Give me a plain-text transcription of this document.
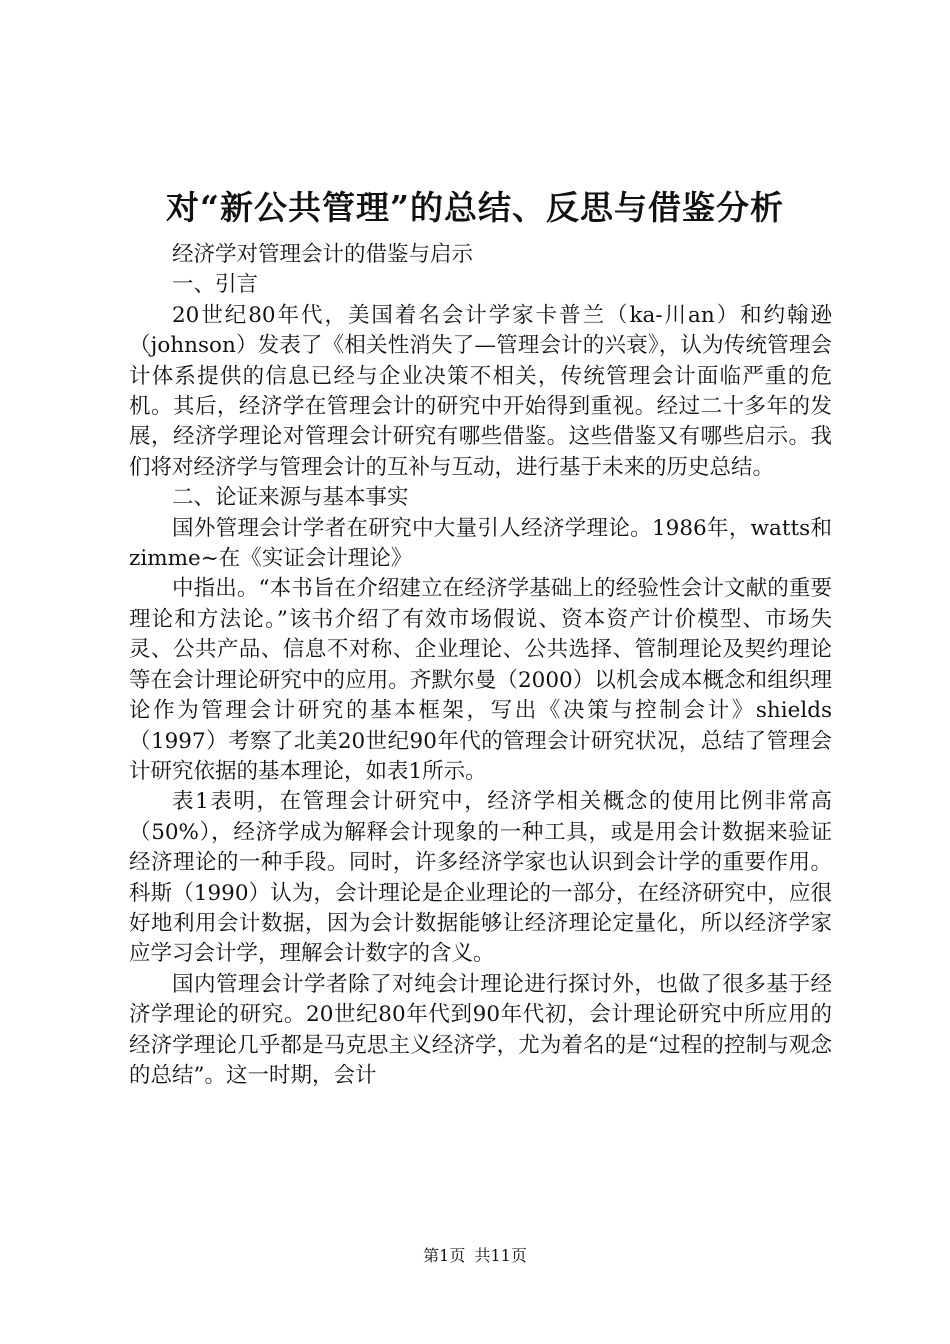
对“新公共管理”的总结、反思与借鉴分析

经济学对管理会计的借鉴与启示

一、引言

20世纪80年代，美国着名会计学家卡普兰（ka-川an）和约翰逊（johnson）发表了《相关性消失了—管理会计的兴衰》，认为传统管理会计体系提供的信息已经与企业决策不相关，传统管理会计面临严重的危机。其后，经济学在管理会计的研究中开始得到重视。经过二十多年的发展，经济学理论对管理会计研究有哪些借鉴。这些借鉴又有哪些启示。我们将对经济学与管理会计的互补与互动，进行基于未来的历史总结。

二、论证来源与基本事实

国外管理会计学者在研究中大量引人经济学理论。1986年，watts和zimme~在《实证会计理论》

中指出。“本书旨在介绍建立在经济学基础上的经验性会计文献的重要理论和方法论。”该书介绍了有效市场假说、资本资产计价模型、市场失灵、公共产品、信息不对称、企业理论、公共选择、管制理论及契约理论等在会计理论研究中的应用。齐默尔曼（2000）以机会成本概念和组织理论作为管理会计研究的基本框架，写出《决策与控制会计》shields（1997）考察了北美20世纪90年代的管理会计研究状况，总结了管理会计研究依据的基本理论，如表1所示。

表1表明，在管理会计研究中，经济学相关概念的使用比例非常高（50%），经济学成为解释会计现象的一种工具，或是用会计数据来验证经济理论的一种手段。同时，许多经济学家也认识到会计学的重要作用。科斯（1990）认为，会计理论是企业理论的一部分，在经济研究中，应很好地利用会计数据，因为会计数据能够让经济理论定量化，所以经济学家应学习会计学，理解会计数字的含义。

国内管理会计学者除了对纯会计理论进行探讨外，也做了很多基于经济学理论的研究。20世纪80年代到90年代初，会计理论研究中所应用的经济学理论几乎都是马克思主义经济学，尤为着名的是“过程的控制与观念的总结”。这一时期，会计

第1页 共11页
